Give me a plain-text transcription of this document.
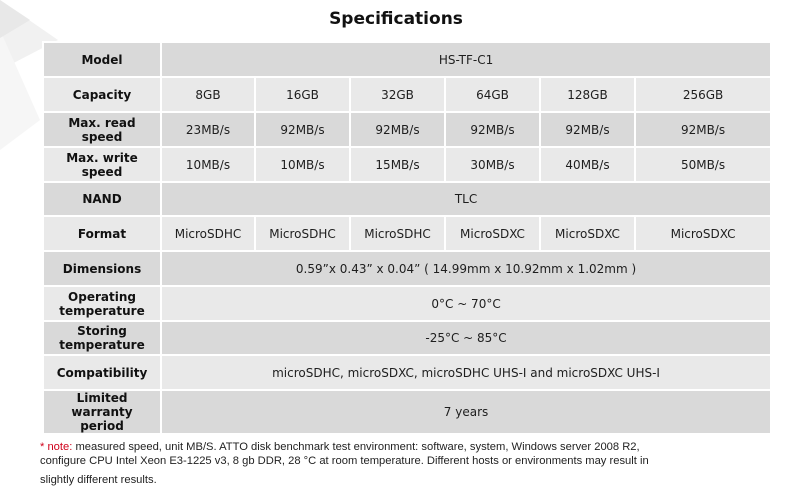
Specifications
Model	HS-TF-C1					
Capacity	8GB	16GB	32GB	64GB	128GB	256GB
Max. read speed	23MB/s	92MB/s	92MB/s	92MB/s	92MB/s	92MB/s
Max. write speed	10MB/s	10MB/s	15MB/s	30MB/s	40MB/s	50MB/s
NAND	TLC					
Format	MicroSDHC	MicroSDHC	MicroSDHC	MicroSDXC	MicroSDXC	MicroSDXC
Dimensions	0.59”x 0.43” x 0.04” ( 14.99mm x 10.92mm x 1.02mm )					
Operating
temperature	0°C ~ 70°C					
Storing
temperature	-25°C ~ 85°C					
Compatibility	microSDHC, microSDXC, microSDHC UHS-I and microSDXC UHS-I					
Limited warranty
period	7 years					
* note: measured speed, unit MB/S. ATTO disk benchmark test environment: software, system, Windows server 2008 R2,
configure CPU Intel Xeon E3-1225 v3, 8 gb DDR, 28 °C at room temperature. Different hosts or environments may result in
slightly different results.
